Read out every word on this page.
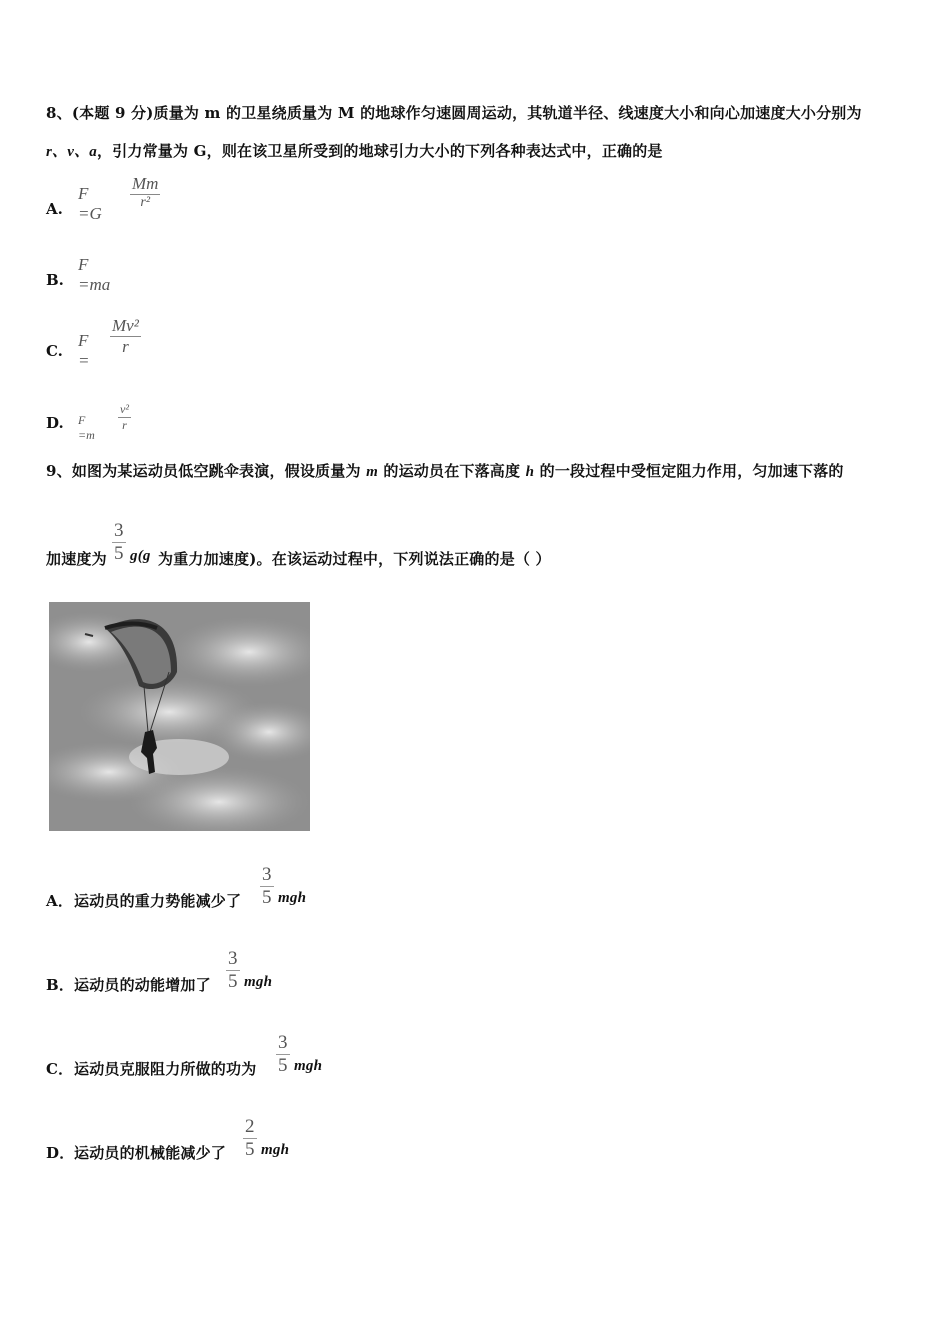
8、(本题 9 分)质量为 m 的卫星绕质量为 M 的地球作匀速圆周运动，其轨道半径、线速度大小和向心加速度大小分别为
r、v、a，引力常量为 G，则在该卫星所受到的地球引力大小的下列各种表达式中，正确的是
A.
F =G
Mm
r²
B.
F =ma
C.
F =
$\frac{\text{Mv²}}{r}$
D. F =m
$\frac{\text{v²}}{r}$
9、如图为某运动员低空跳伞表演，假设质量为 m 的运动员在下落高度 h 的一段过程中受恒定阻力作用，匀加速下落的
加速度为 $\frac{3}{5} g(g$ 为重力加速度)。在该运动过程中，下列说法正确的是（ ）
A． 运动员的重力势能减少了 $\frac{3}{5}$ mgh
B． 运动员的动能增加了 $\frac{3}{5}$ mgh
C． 运动员克服阻力所做的功为 $\frac{3}{5}$ mgh
D． 运动员的机械能减少了 $\frac{2}{5}$ mgh
